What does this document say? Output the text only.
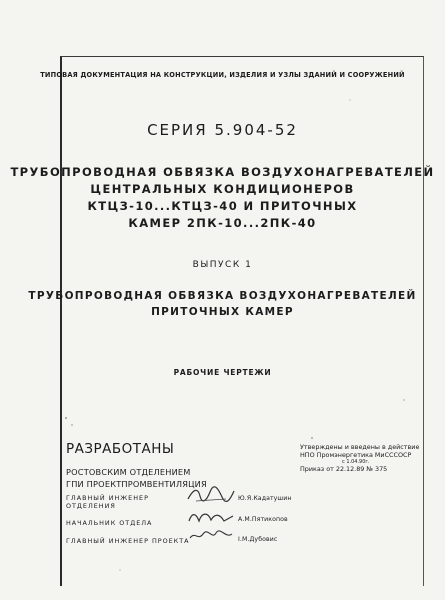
ТИПОВАЯ ДОКУМЕНТАЦИЯ НА КОНСТРУКЦИИ, ИЗДЕЛИЯ И УЗЛЫ ЗДАНИЙ И СООРУЖЕНИЙ
СЕРИЯ 5.904-52
ТРУБОПРОВОДНАЯ ОБВЯЗКА ВОЗДУХОНАГРЕВАТЕЛЕЙ
ЦЕНТРАЛЬНЫХ КОНДИЦИОНЕРОВ
КТЦЗ-10...КТЦЗ-40 И ПРИТОЧНЫХ
КАМЕР 2ПК-10...2ПК-40
ВЫПУСК 1
ТРУБОПРОВОДНАЯ ОБВЯЗКА ВОЗДУХОНАГРЕВАТЕЛЕЙ
ПРИТОЧНЫХ КАМЕР
РАБОЧИЕ ЧЕРТЕЖИ
Утверждены и введены в действие
НПО Промэнергетика МиСССОСР
с 1.04.90г.
Приказ от 22.12.89 № 375
РАЗРАБОТАНЫ
РОСТОВСКИМ ОТДЕЛЕНИЕМ
ГПИ ПРОЕКТПРОМВЕНТИЛЯЦИЯ
ГЛАВНЫЙ ИНЖЕНЕР
ОТДЕЛЕНИЯ
НАЧАЛЬНИК ОТДЕЛА
ГЛАВНЫЙ ИНЖЕНЕР ПРОЕКТА
Ю.Я.Кадатушин
А.М.Пятикопов
I.М.Дубовис
